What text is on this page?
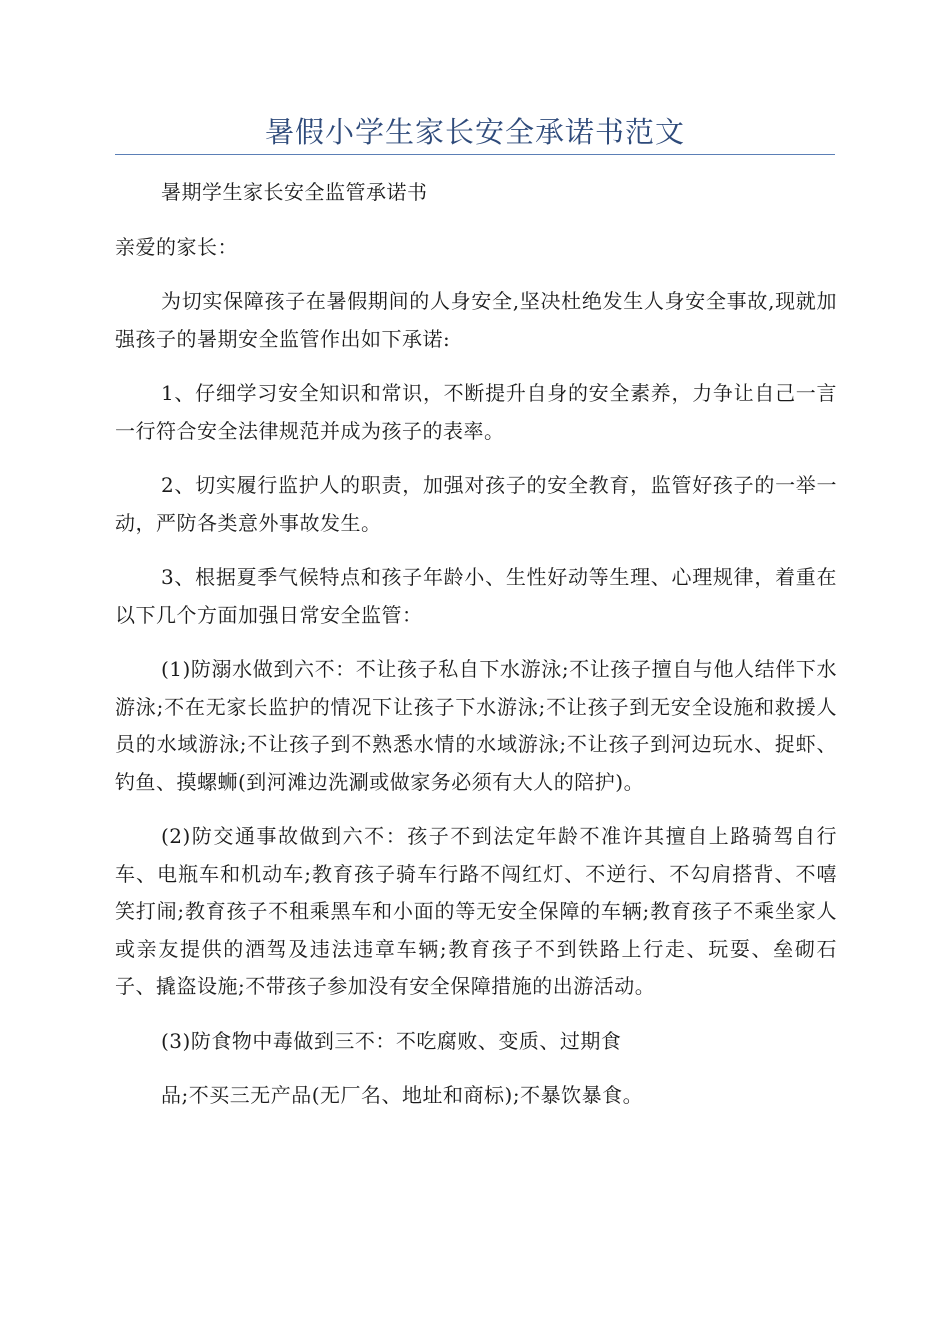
暑假小学生家长安全承诺书范文

暑期学生家长安全监管承诺书

亲爱的家长：

为切实保障孩子在暑假期间的人身安全,坚决杜绝发生人身安全事故,现就加强孩子的暑期安全监管作出如下承诺:

1、仔细学习安全知识和常识，不断提升自身的安全素养，力争让自己一言一行符合安全法律规范并成为孩子的表率。

2、切实履行监护人的职责，加强对孩子的安全教育，监管好孩子的一举一动，严防各类意外事故发生。

3、根据夏季气候特点和孩子年龄小、生性好动等生理、心理规律，着重在以下几个方面加强日常安全监管：

(1)防溺水做到六不：不让孩子私自下水游泳;不让孩子擅自与他人结伴下水游泳;不在无家长监护的情况下让孩子下水游泳;不让孩子到无安全设施和救援人员的水域游泳;不让孩子到不熟悉水情的水域游泳;不让孩子到河边玩水、捉虾、钓鱼、摸螺蛳(到河滩边洗涮或做家务必须有大人的陪护)。

(2)防交通事故做到六不：孩子不到法定年龄不准许其擅自上路骑驾自行车、电瓶车和机动车;教育孩子骑车行路不闯红灯、不逆行、不勾肩搭背、不嘻笑打闹;教育孩子不租乘黑车和小面的等无安全保障的车辆;教育孩子不乘坐家人或亲友提供的酒驾及违法违章车辆;教育孩子不到铁路上行走、玩耍、垒砌石子、撬盗设施;不带孩子参加没有安全保障措施的出游活动。

(3)防食物中毒做到三不：不吃腐败、变质、过期食

品;不买三无产品(无厂名、地址和商标);不暴饮暴食。
